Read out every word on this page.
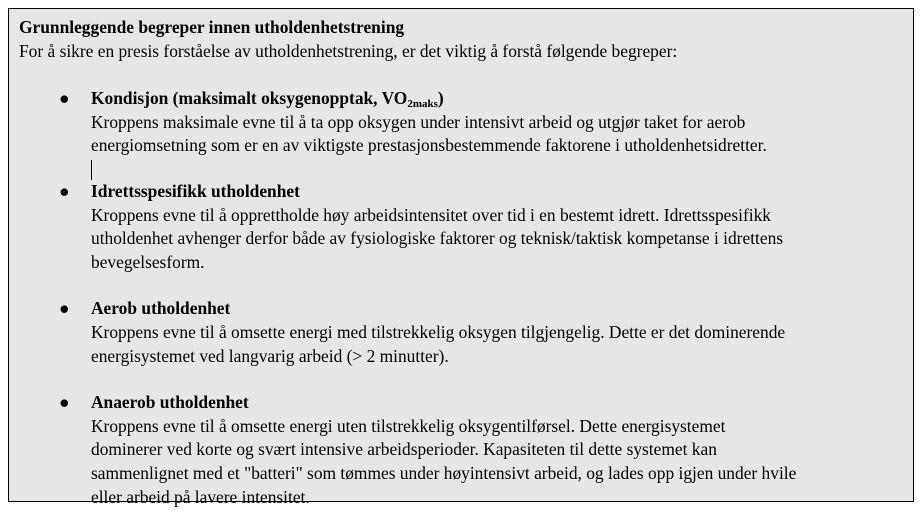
Grunnleggende begreper innen utholdenhetstrening

For å sikre en presis forståelse av utholdenhetstrening, er det viktig å forstå følgende begreper:

● Kondisjon (maksimalt oksygenopptak, $VO_{2maks}$)
Kroppens maksimale evne til å ta opp oksygen under intensivt arbeid og utgjør taket for aerob
energiomsetning som er en av viktigste prestasjonsbestemmende faktorene i utholdenhetsidretter.
● Idrettsspesifikk utholdenhet
Kroppens evne til å opprettholde høy arbeidsintensitet over tid i en bestemt idrett. Idrettsspesifikk
utholdenhet avhenger derfor både av fysiologiske faktorer og teknisk/taktisk kompetanse i idrettens
bevegelsesform.
● Aerob utholdenhet
Kroppens evne til å omsette energi med tilstrekkelig oksygen tilgjengelig. Dette er det dominerende
energisystemet ved langvarig arbeid (> 2 minutter).
● Anaerob utholdenhet
Kroppens evne til å omsette energi uten tilstrekkelig oksygentilførsel. Dette energisystemet
dominerer ved korte og svært intensive arbeidsperioder. Kapasiteten til dette systemet kan
sammenlignet med et "batteri" som tømmes under høyintensivt arbeid, og lades opp igjen under hvile
eller arbeid på lavere intensitet.
